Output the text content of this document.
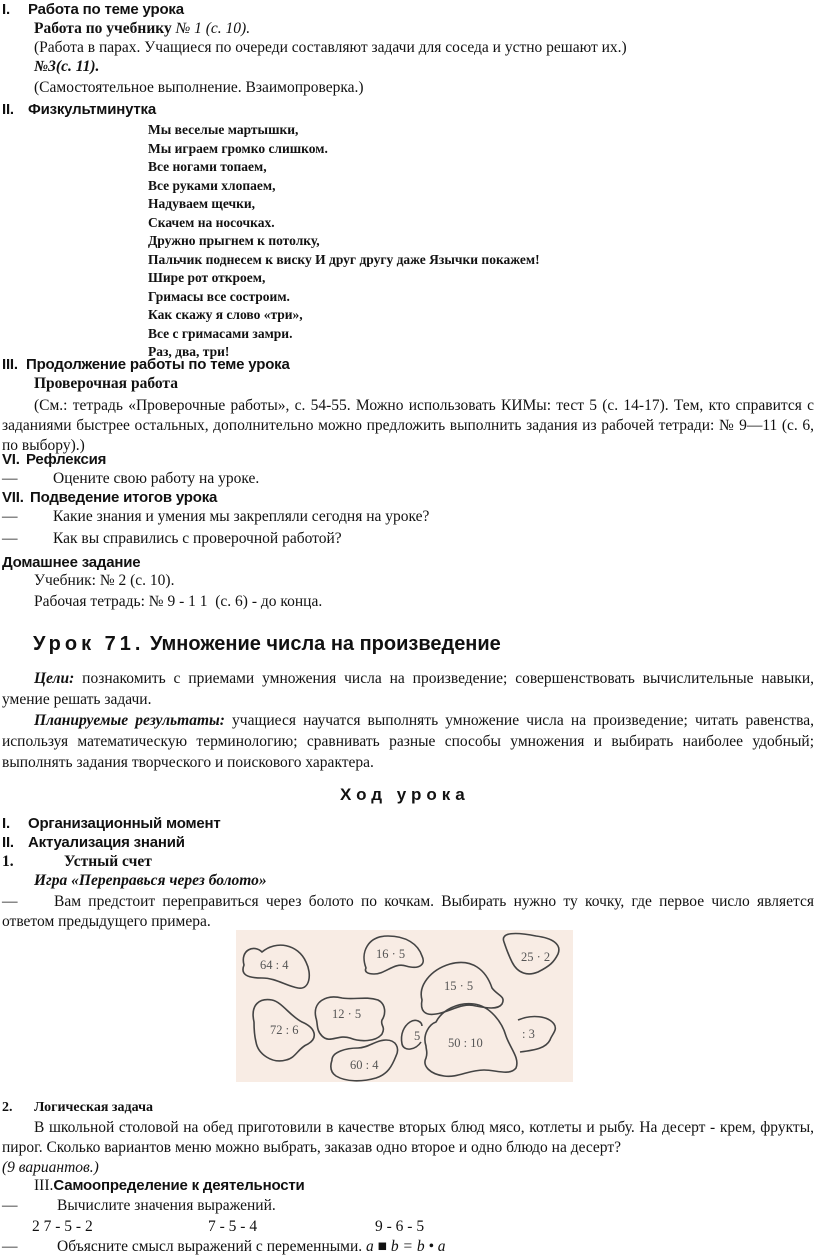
I. Работа по теме урока
Работа по учебнику № 1 (с. 10).
(Работа в парах. Учащиеся по очереди составляют задачи для соседа и устно решают их.)
№3(с. 11).
(Самостоятельное выполнение. Взаимопроверка.)
II. Физкультминутка
Мы веселые мартышки,
Мы играем громко слишком.
Все ногами топаем,
Все руками хлопаем,
Надуваем щечки,
Скачем на носочках.
Дружно прыгнем к потолку,
Пальчик поднесем к виску И друг другу даже Язычки покажем!
Шире рот откроем,
Гримасы все состроим.
Как скажу я слово «три»,
Все с гримасами замри.
Раз, два, три!
III. Продолжение работы по теме урока
Проверочная работа
(См.: тетрадь «Проверочные работы», с. 54-55. Можно использовать КИМы: тест 5 (с. 14-17). Тем, кто справится с заданиями быстрее остальных, дополнительно можно предложить выполнить задания из рабочей тетради: № 9—11 (с. 6, по выбору).)
VI. Рефлексия
— Оцените свою работу на уроке.
VII. Подведение итогов урока
— Какие знания и умения мы закрепляли сегодня на уроке?
— Как вы справились с проверочной работой?
Домашнее задание
Учебник: № 2 (с. 10).
Рабочая тетрадь: № 9 - 1 1  (с. 6) - до конца.
Урок 71. Умножение числа на произведение
Цели: познакомить с приемами умножения числа на произведение; совершенствовать вычислительные навыки, умение решать задачи.
Планируемые результаты: учащиеся научатся выполнять умножение числа на произведение; читать равенства, используя математическую терминологию; сравнивать разные способы умножения и выбирать наиболее удобный; выполнять задания творческого и поискового характера.
Ход урока
I. Организационный момент
II. Актуализация знаний
1.	Устный счет
Игра «Переправься через болото»
— Вам предстоит переправиться через болото по кочкам. Выбирать нужно ту кочку, где первое число является ответом предыдущего примера.
64 : 4
16 · 5	25 · 2
15 · 5
72 : 6
12 · 5
5 50 : 10
: 3
60 : 4
2. Логическая задача
В школьной столовой на обед приготовили в качестве вторых блюд мясо, котлеты и рыбу. На десерт - крем, фрукты, пирог. Сколько вариантов меню можно выбрать, заказав одно второе и одно блюдо на десерт?
(9 вариантов.)
III.Самоопределение к деятельности
—	Вычислите значения выражений.
2 7 - 5 - 2	7 - 5 - 4	9 - 6 - 5
—	Объясните смысл выражений с переменными. a ■ b = b • a
